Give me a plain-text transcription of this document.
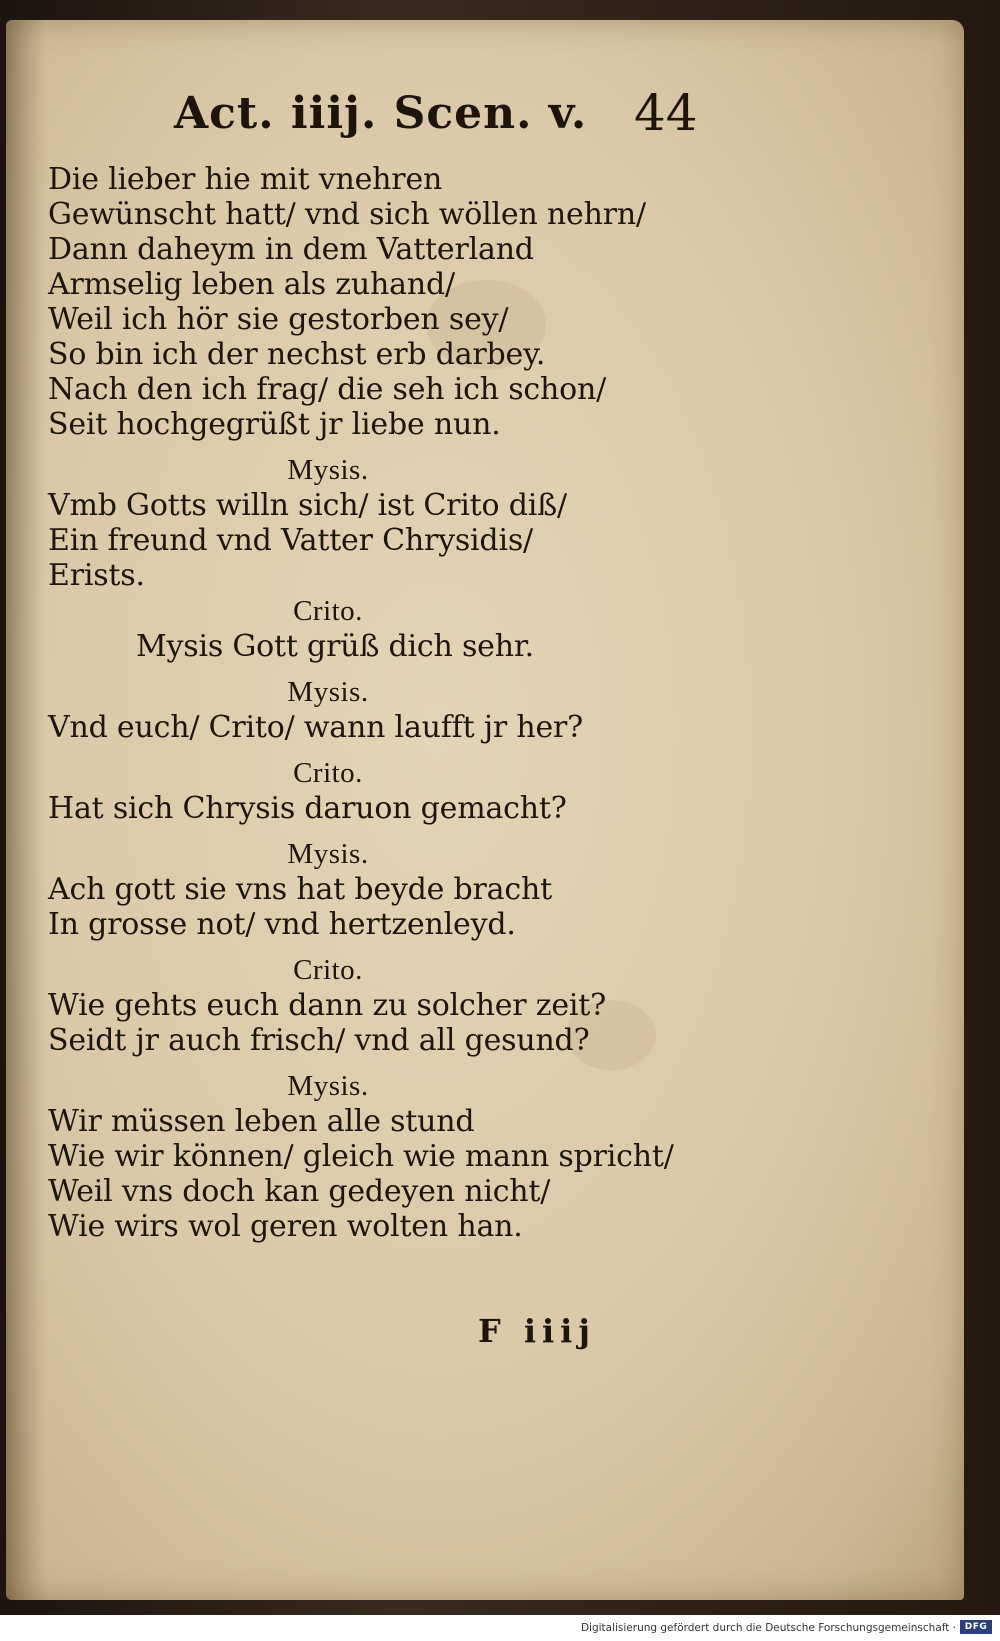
Act. iiij. Scen. v. 44
Die lieber hie mit vnehren
Gewünscht hatt/ vnd sich wöllen nehrn/
Dann daheym in dem Vatterland
Armselig leben als zuhand/
Weil ich hör sie gestorben sey/
So bin ich der nechst erb darbey.
Nach den ich frag/ die seh ich schon/
Seit hochgegrüßt jr liebe nun.
Mysis.
Vmb Gotts willn sich/ ist Crito diß/
Ein freund vnd Vatter Chrysidis/
Erists.
Crito.
Mysis Gott grüß dich sehr.
Mysis.
Vnd euch/ Crito/ wann laufft jr her?
Crito.
Hat sich Chrysis daruon gemacht?
Mysis.
Ach gott sie vns hat beyde bracht
In grosse not/ vnd hertzenleyd.
Crito.
Wie gehts euch dann zu solcher zeit?
Seidt jr auch frisch/ vnd all gesund?
Mysis.
Wir müssen leben alle stund
Wie wir können/ gleich wie mann spricht/
Weil vns doch kan gedeyen nicht/
Wie wirs wol geren wolten han.
F iiij
Digitalisierung gefördert durch die Deutsche Forschungsgemeinschaft · DFG
